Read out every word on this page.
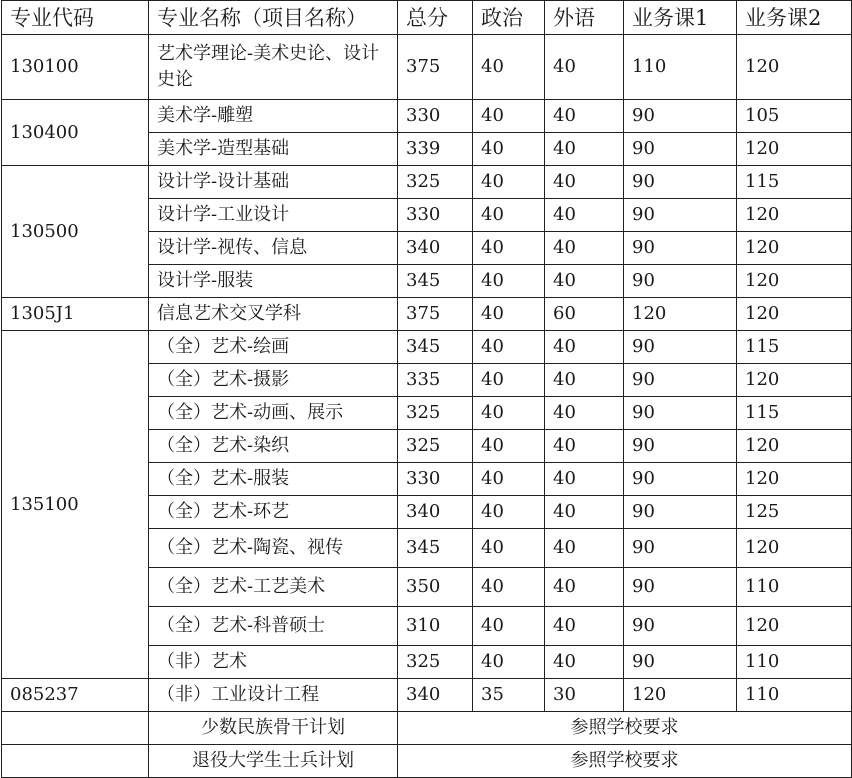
专业代码	专业名称（项目名称）	总分	政治	外语	业务课1	业务课2
130100	艺术学理论-美术史论、设计史论	375	40	40	110	120
130400	美术学-雕塑	330	40	40	90	105
	美术学-造型基础	339	40	40	90	120
130500	设计学-设计基础	325	40	40	90	115
	设计学-工业设计	330	40	40	90	120
	设计学-视传、信息	340	40	40	90	120
	设计学-服装	345	40	40	90	120
1305J1	信息艺术交叉学科	375	40	60	120	120
135100	（全）艺术-绘画	345	40	40	90	115
	（全）艺术-摄影	335	40	40	90	120
	（全）艺术-动画、展示	325	40	40	90	115
	（全）艺术-染织	325	40	40	90	120
	（全）艺术-服装	330	40	40	90	120
	（全）艺术-环艺	340	40	40	90	125
	（全）艺术-陶瓷、视传	345	40	40	90	120
	（全）艺术-工艺美术	350	40	40	90	110
	（全）艺术-科普硕士	310	40	40	90	120
	（非）艺术	325	40	40	90	110
085237	（非）工业设计工程	340	35	30	120	110
	少数民族骨干计划	参照学校要求				
	退役大学生士兵计划	参照学校要求				
